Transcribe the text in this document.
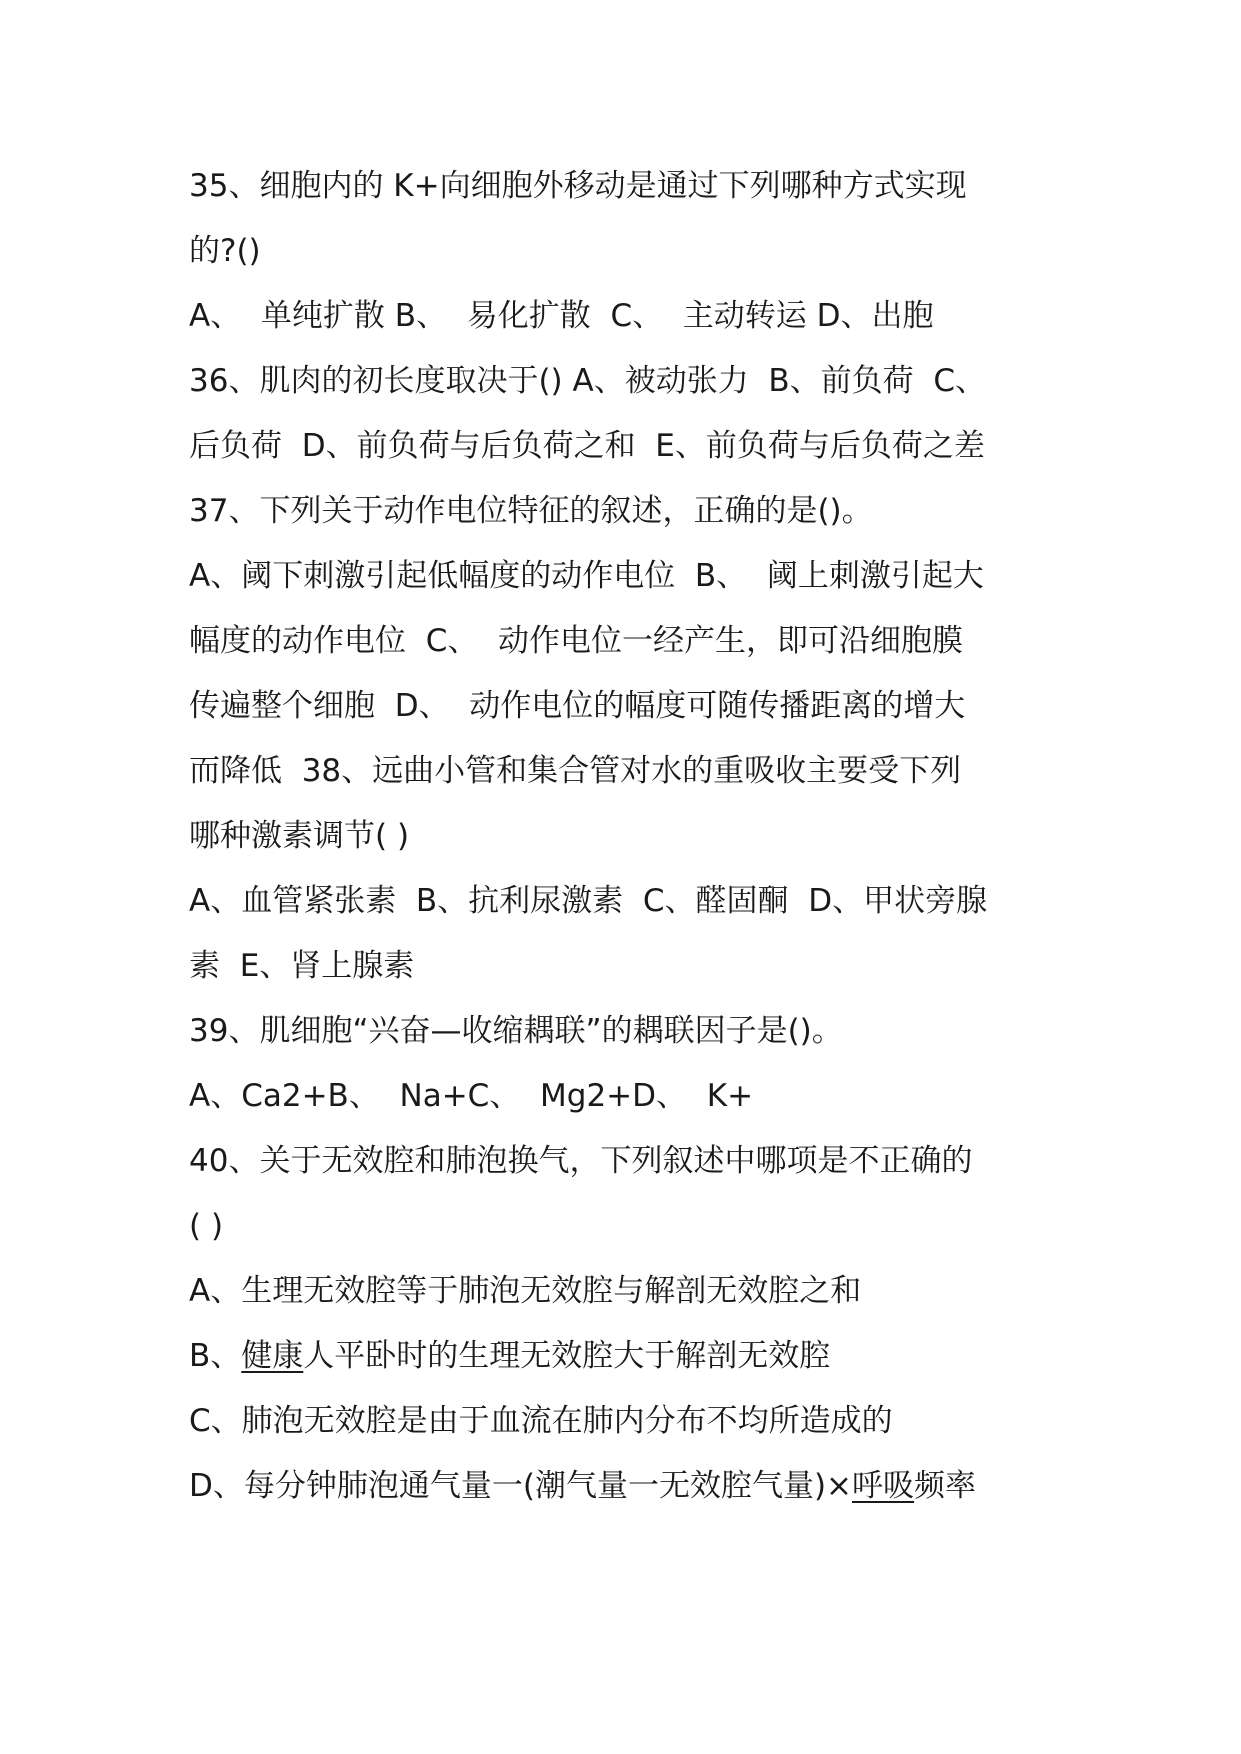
35、细胞内的 K+向细胞外移动是通过下列哪种方式实现
的?()
A、  单纯扩散 B、  易化扩散  C、  主动转运 D、出胞
36、肌肉的初长度取决于() A、被动张力  B、前负荷  C、
后负荷  D、前负荷与后负荷之和  E、前负荷与后负荷之差
37、下列关于动作电位特征的叙述，正确的是()。
A、阈下刺激引起低幅度的动作电位  B、  阈上刺激引起大
幅度的动作电位  C、  动作电位一经产生，即可沿细胞膜
传遍整个细胞  D、  动作电位的幅度可随传播距离的增大
而降低  38、远曲小管和集合管对水的重吸收主要受下列
哪种激素调节( )
A、血管紧张素  B、抗利尿激素  C、醛固酮  D、甲状旁腺
素  E、肾上腺素
39、肌细胞“兴奋—收缩耦联”的耦联因子是()。
A、Ca2+B、  Na+C、  Mg2+D、  K+
40、关于无效腔和肺泡换气，下列叙述中哪项是不正确的
( )
A、生理无效腔等于肺泡无效腔与解剖无效腔之和
B、健康人平卧时的生理无效腔大于解剖无效腔
C、肺泡无效腔是由于血流在肺内分布不均所造成的
D、每分钟肺泡通气量一(潮气量一无效腔气量)×呼吸频率
